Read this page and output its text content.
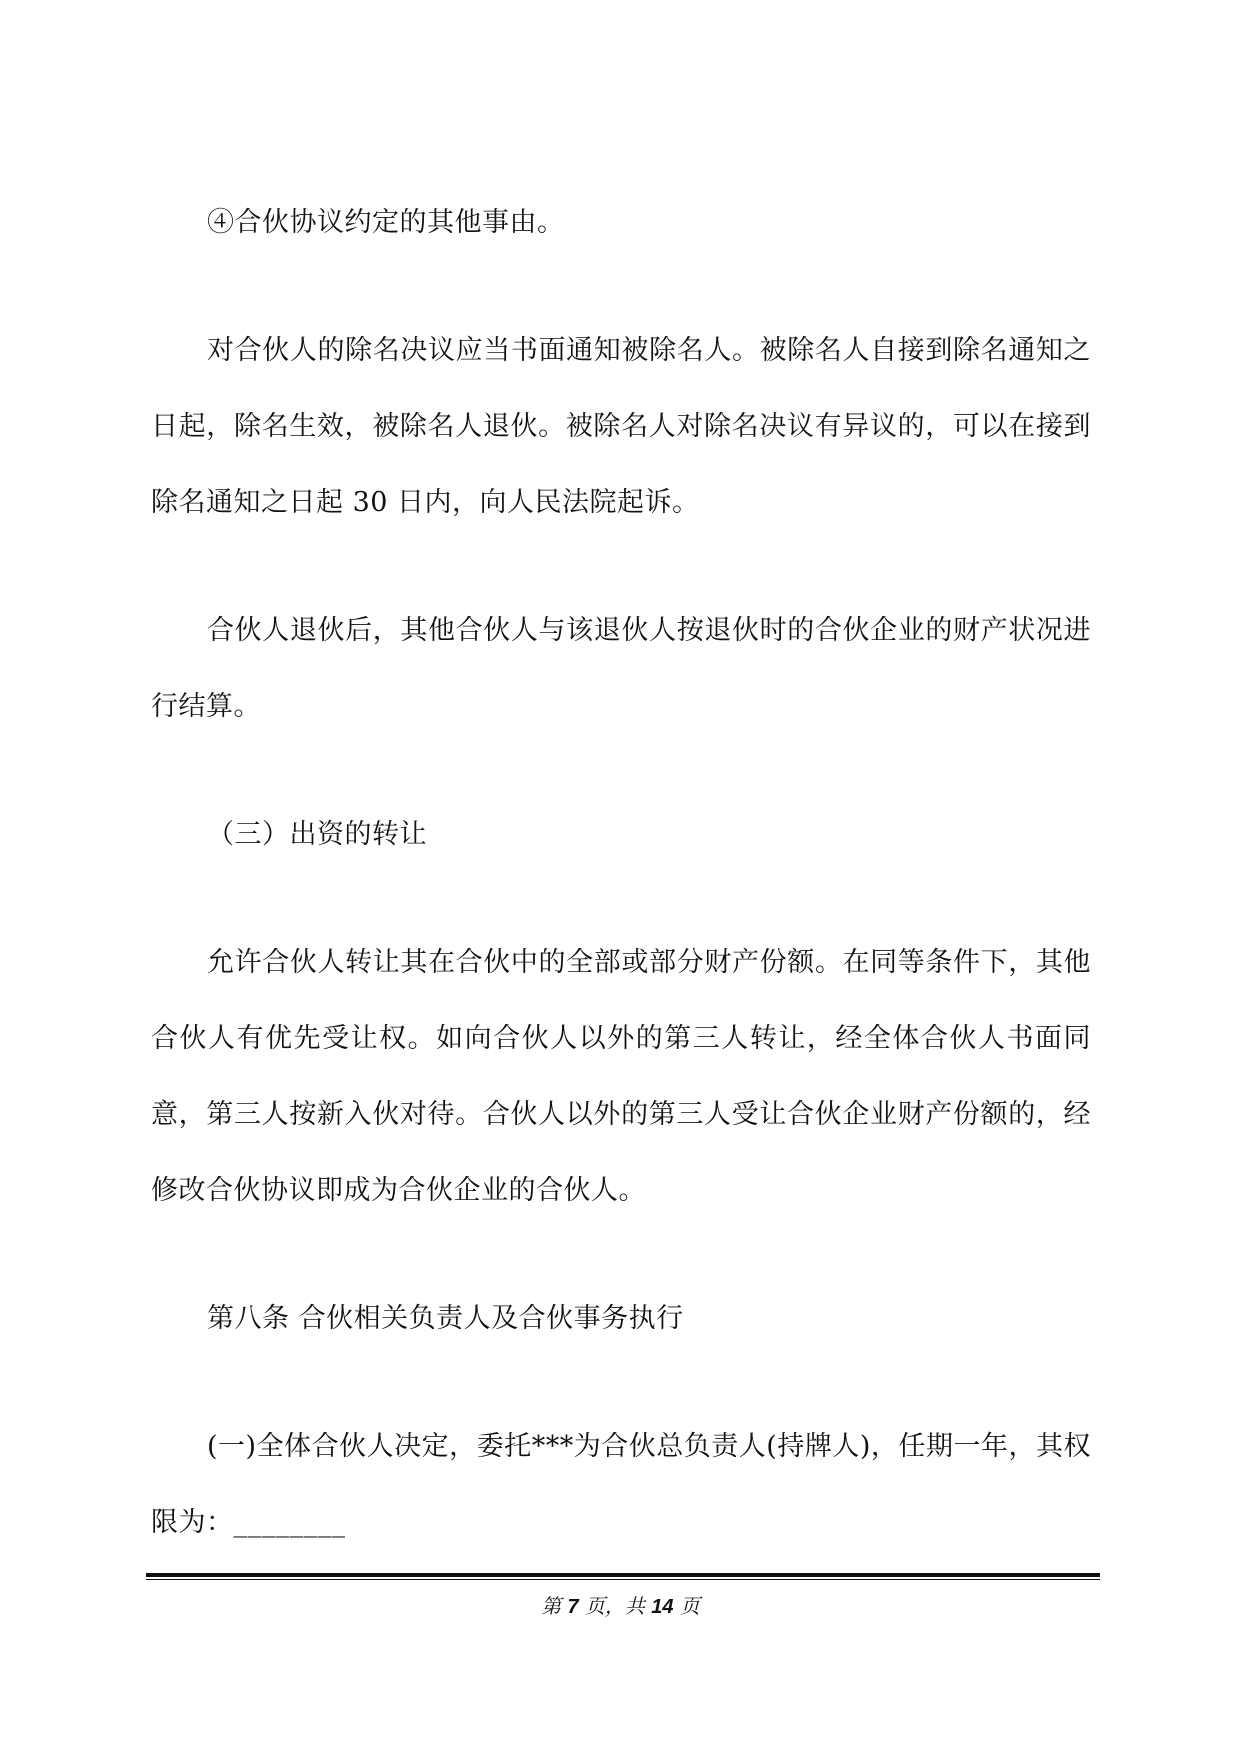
④合伙协议约定的其他事由。

对合伙人的除名决议应当书面通知被除名人。被除名人自接到除名通知之日起，除名生效，被除名人退伙。被除名人对除名决议有异议的，可以在接到除名通知之日起 30 日内，向人民法院起诉。

合伙人退伙后，其他合伙人与该退伙人按退伙时的合伙企业的财产状况进行结算。

（三）出资的转让

允许合伙人转让其在合伙中的全部或部分财产份额。在同等条件下，其他合伙人有优先受让权。如向合伙人以外的第三人转让，经全体合伙人书面同意，第三人按新入伙对待。合伙人以外的第三人受让合伙企业财产份额的，经修改合伙协议即成为合伙企业的合伙人。

第八条 合伙相关负责人及合伙事务执行

(一)全体合伙人决定，委托***为合伙总负责人(持牌人)，任期一年，其权限为：________

第 7 页，共 14 页
